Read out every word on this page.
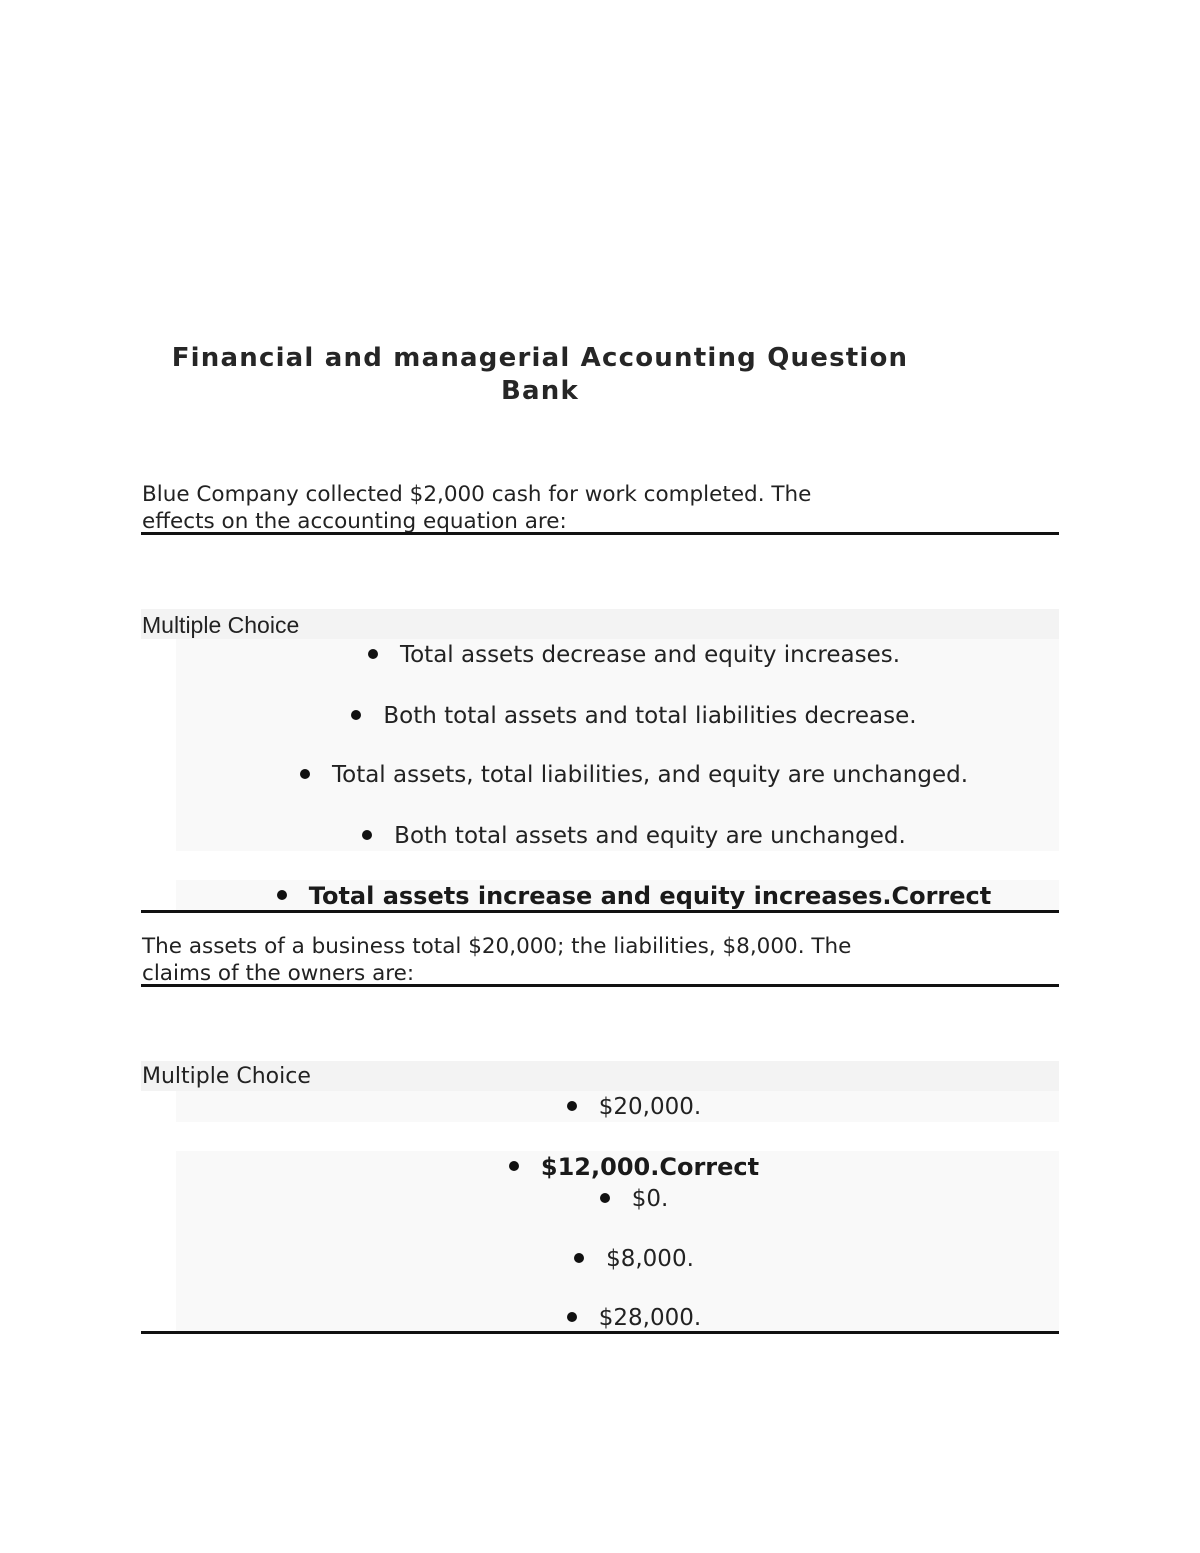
Financial and managerial Accounting Question
Bank
Blue Company collected $2,000 cash for work completed. The
effects on the accounting equation are:
Multiple Choice
Total assets decrease and equity increases.
Both total assets and total liabilities decrease.
Total assets, total liabilities, and equity are unchanged.
Both total assets and equity are unchanged.
Total assets increase and equity increases.Correct
The assets of a business total $20,000; the liabilities, $8,000. The
claims of the owners are:
Multiple Choice
$20,000.
$12,000.Correct
$0.
$8,000.
$28,000.
